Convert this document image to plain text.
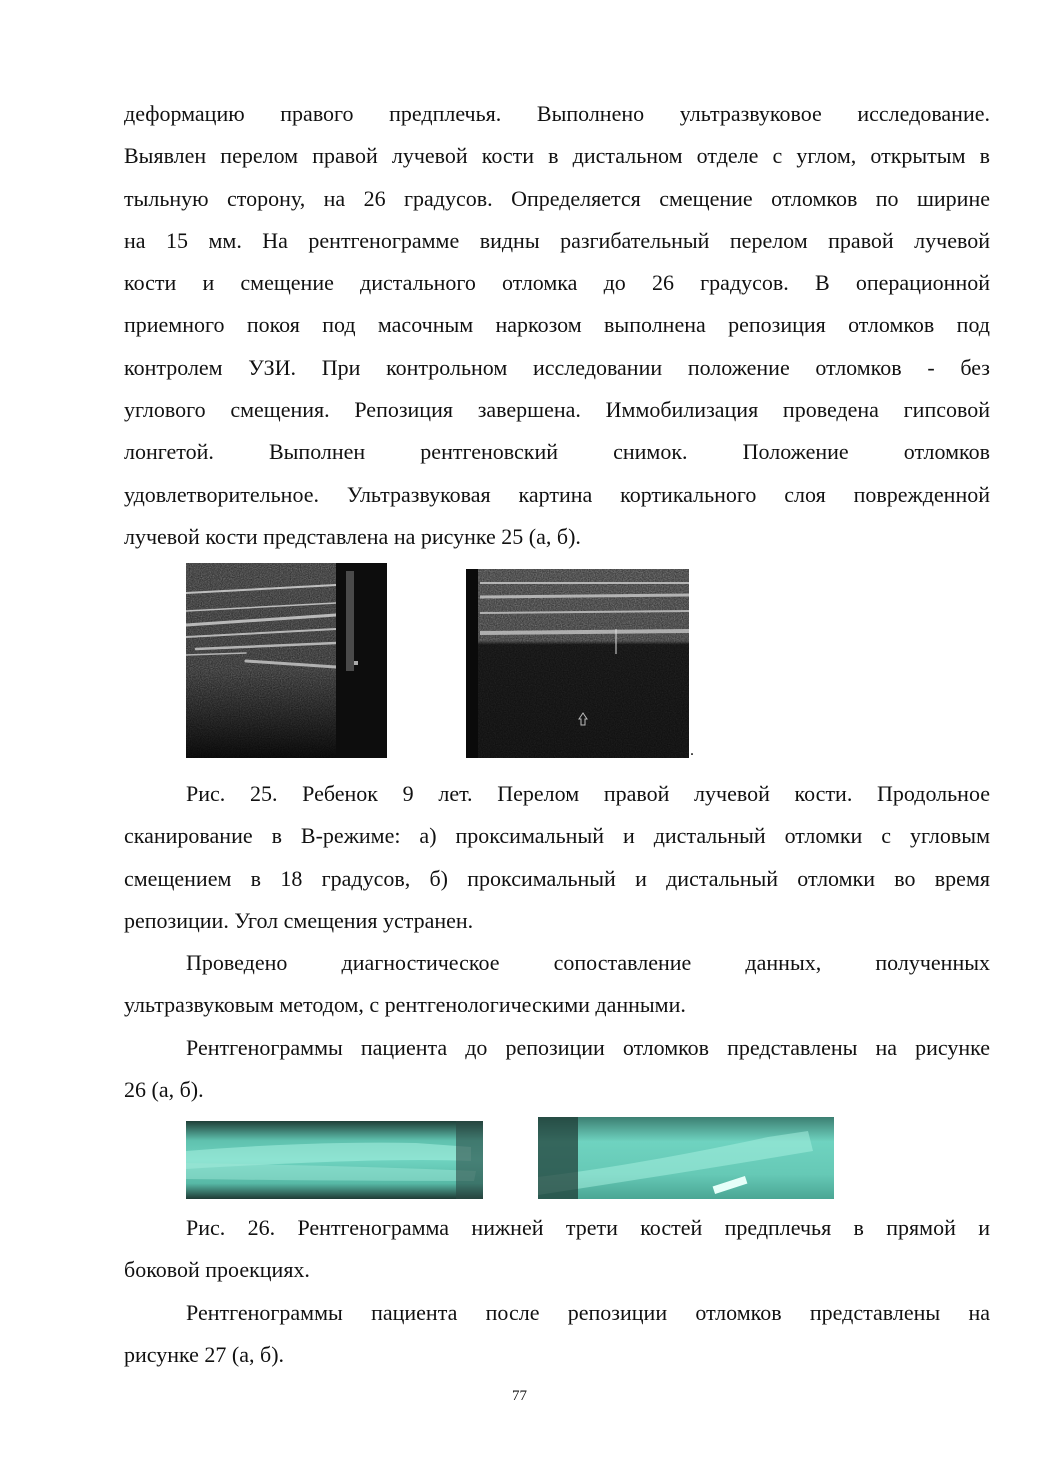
деформацию правого предплечья. Выполнено ультразвуковое исследование.
Выявлен перелом правой лучевой кости в дистальном отделе с углом, открытым в
тыльную сторону, на 26 градусов. Определяется смещение отломков по ширине
на 15 мм. На рентгенограмме видны разгибательный перелом правой лучевой
кости и смещение дистального отломка до 26 градусов. В операционной
приемного покоя под масочным наркозом выполнена репозиция отломков под
контролем УЗИ. При контрольном исследовании положение отломков - без
углового смещения. Репозиция завершена. Иммобилизация проведена гипсовой
лонгетой. Выполнен рентгеновский снимок. Положение отломков
удовлетворительное. Ультразвуковая картина кортикального слоя поврежденной
лучевой кости представлена на рисунке 25 (а, б).
.
Рис. 25. Ребенок 9 лет. Перелом правой лучевой кости. Продольное
сканирование в В-режиме: а) проксимальный и дистальный отломки с угловым
смещением в 18 градусов, б) проксимальный и дистальный отломки во время
репозиции. Угол смещения устранен.
Проведено диагностическое сопоставление данных, полученных
ультразвуковым методом, с рентгенологическими данными.
Рентгенограммы пациента до репозиции отломков представлены на рисунке
26 (а, б).
Рис. 26. Рентгенограмма нижней трети костей предплечья в прямой и
боковой проекциях.
Рентгенограммы пациента после репозиции отломков представлены на
рисунке 27 (а, б).
77
